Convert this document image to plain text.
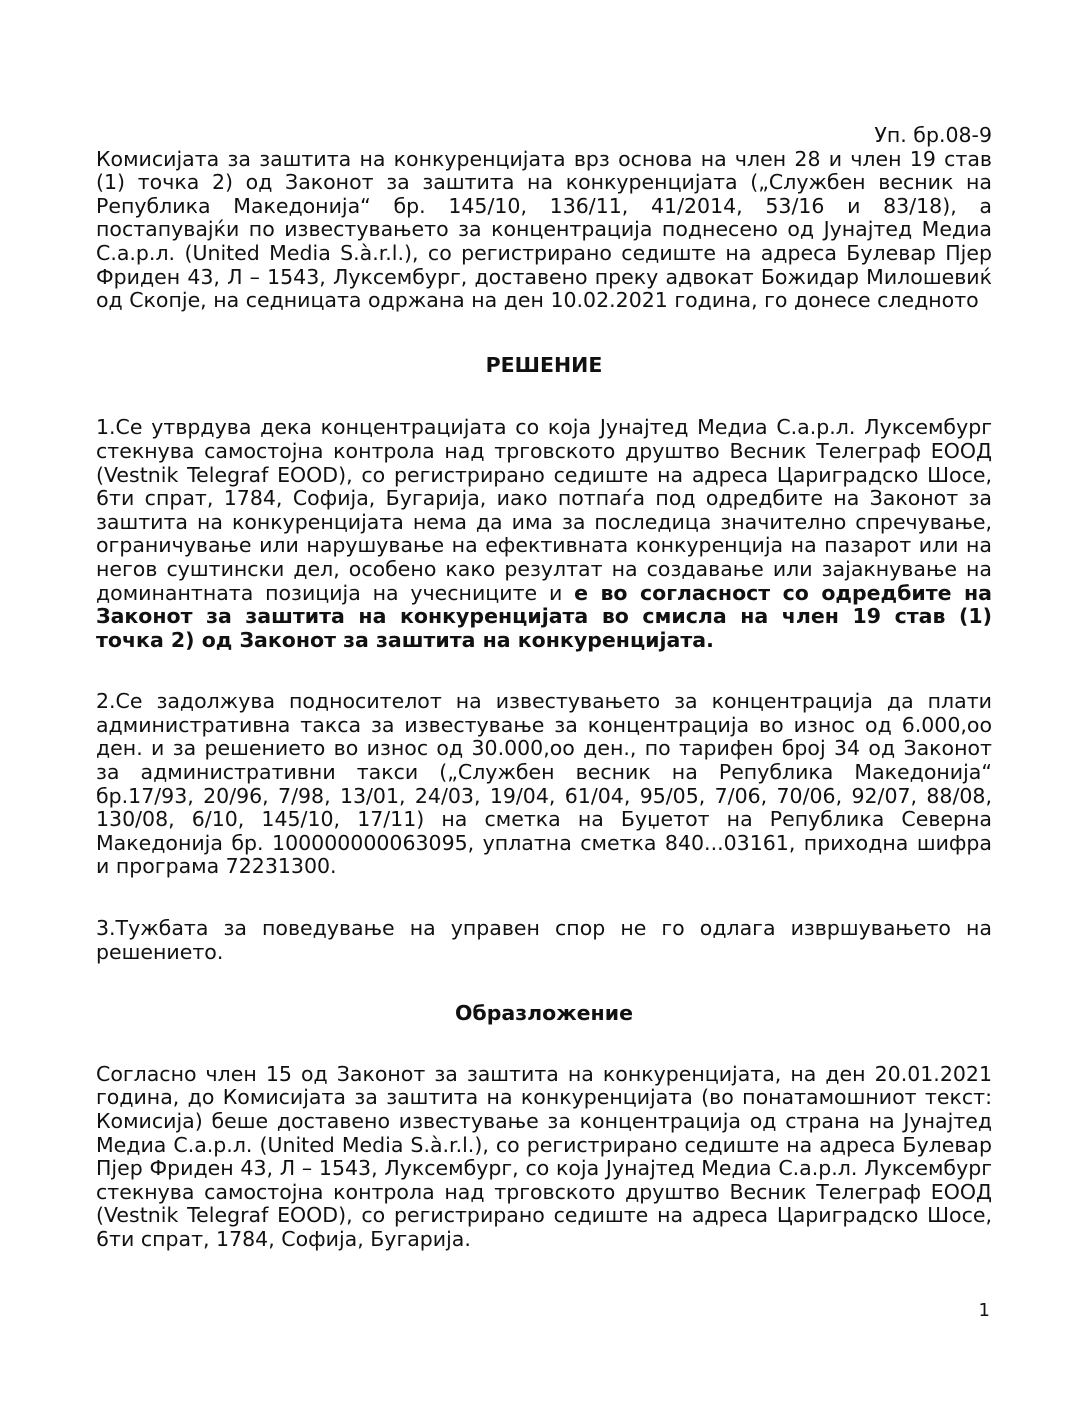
Уп. бр.08-9

Комисијата за заштита на конкуренцијата врз основа на член 28 и член 19 став (1) точка 2) од Законот за заштита на конкуренцијата („Службен весник на Република Македонија“ бр. 145/10, 136/11, 41/2014, 53/16 и 83/18), а постапувајќи по известувањето за концентрација поднесено од Јунајтед Медиа С.а.р.л. (United Media S.à.r.l.), со регистрирано седиште на адреса Булевар Пјер Фриден 43, Л – 1543, Луксембург, доставено преку адвокат Божидар Милошевиќ од Скопје, на седницата одржана на ден 10.02.2021 година, го донесе следното

РЕШЕНИЕ

1.Се утврдува дека концентрацијата со која Јунајтед Медиа С.а.р.л. Луксембург стекнува самостојна контрола над трговското друштво Весник Телеграф ЕООД (Vestnik Telegraf EOOD), со регистрирано седиште на адреса Цариградско Шосе, 6ти спрат, 1784, Софија, Бугарија, иако потпаѓа под одредбите на Законот за заштита на конкуренцијата нема да има за последица значително спречување, ограничување или нарушување на ефективната конкуренција на пазарот или на негов суштински дел, особено како резултат на создавање или зајакнување на доминантната позиција на учесниците и е во согласност со одредбите на Законот за заштита на конкуренцијата во смисла на член 19 став (1) точка 2) од Законот за заштита на конкуренцијата.

2.Се задолжува подносителот на известувањето за концентрација да плати административна такса за известување за концентрација во износ од 6.000,оо ден. и за решението во износ од 30.000,оо ден., по тарифен број 34 од Законот за административни такси („Службен весник на Република Македонија“ бр.17/93, 20/96, 7/98, 13/01, 24/03, 19/04, 61/04, 95/05, 7/06, 70/06, 92/07, 88/08, 130/08, 6/10, 145/10, 17/11) на сметка на Буџетот на Република Северна Македонија бр. 100000000063095, уплатна сметка 840...03161, приходна шифра и програма 72231300.

3.Тужбата за поведување на управен спор не го одлага извршувањето на решението.

Образложение

Согласно член 15 од Законот за заштита на конкуренцијата, на ден 20.01.2021 година, до Комисијата за заштита на конкуренцијата (во понатамошниот текст: Комисија) беше доставено известување за концентрација од страна на Јунајтед Медиа С.а.р.л. (United Media S.à.r.l.), со регистрирано седиште на адреса Булевар Пјер Фриден 43, Л – 1543, Луксембург, со која Јунајтед Медиа С.а.р.л. Луксембург стекнува самостојна контрола над трговското друштво Весник Телеграф ЕООД (Vestnik Telegraf EOOD), со регистрирано седиште на адреса Цариградско Шосе, 6ти спрат, 1784, Софија, Бугарија.

1
